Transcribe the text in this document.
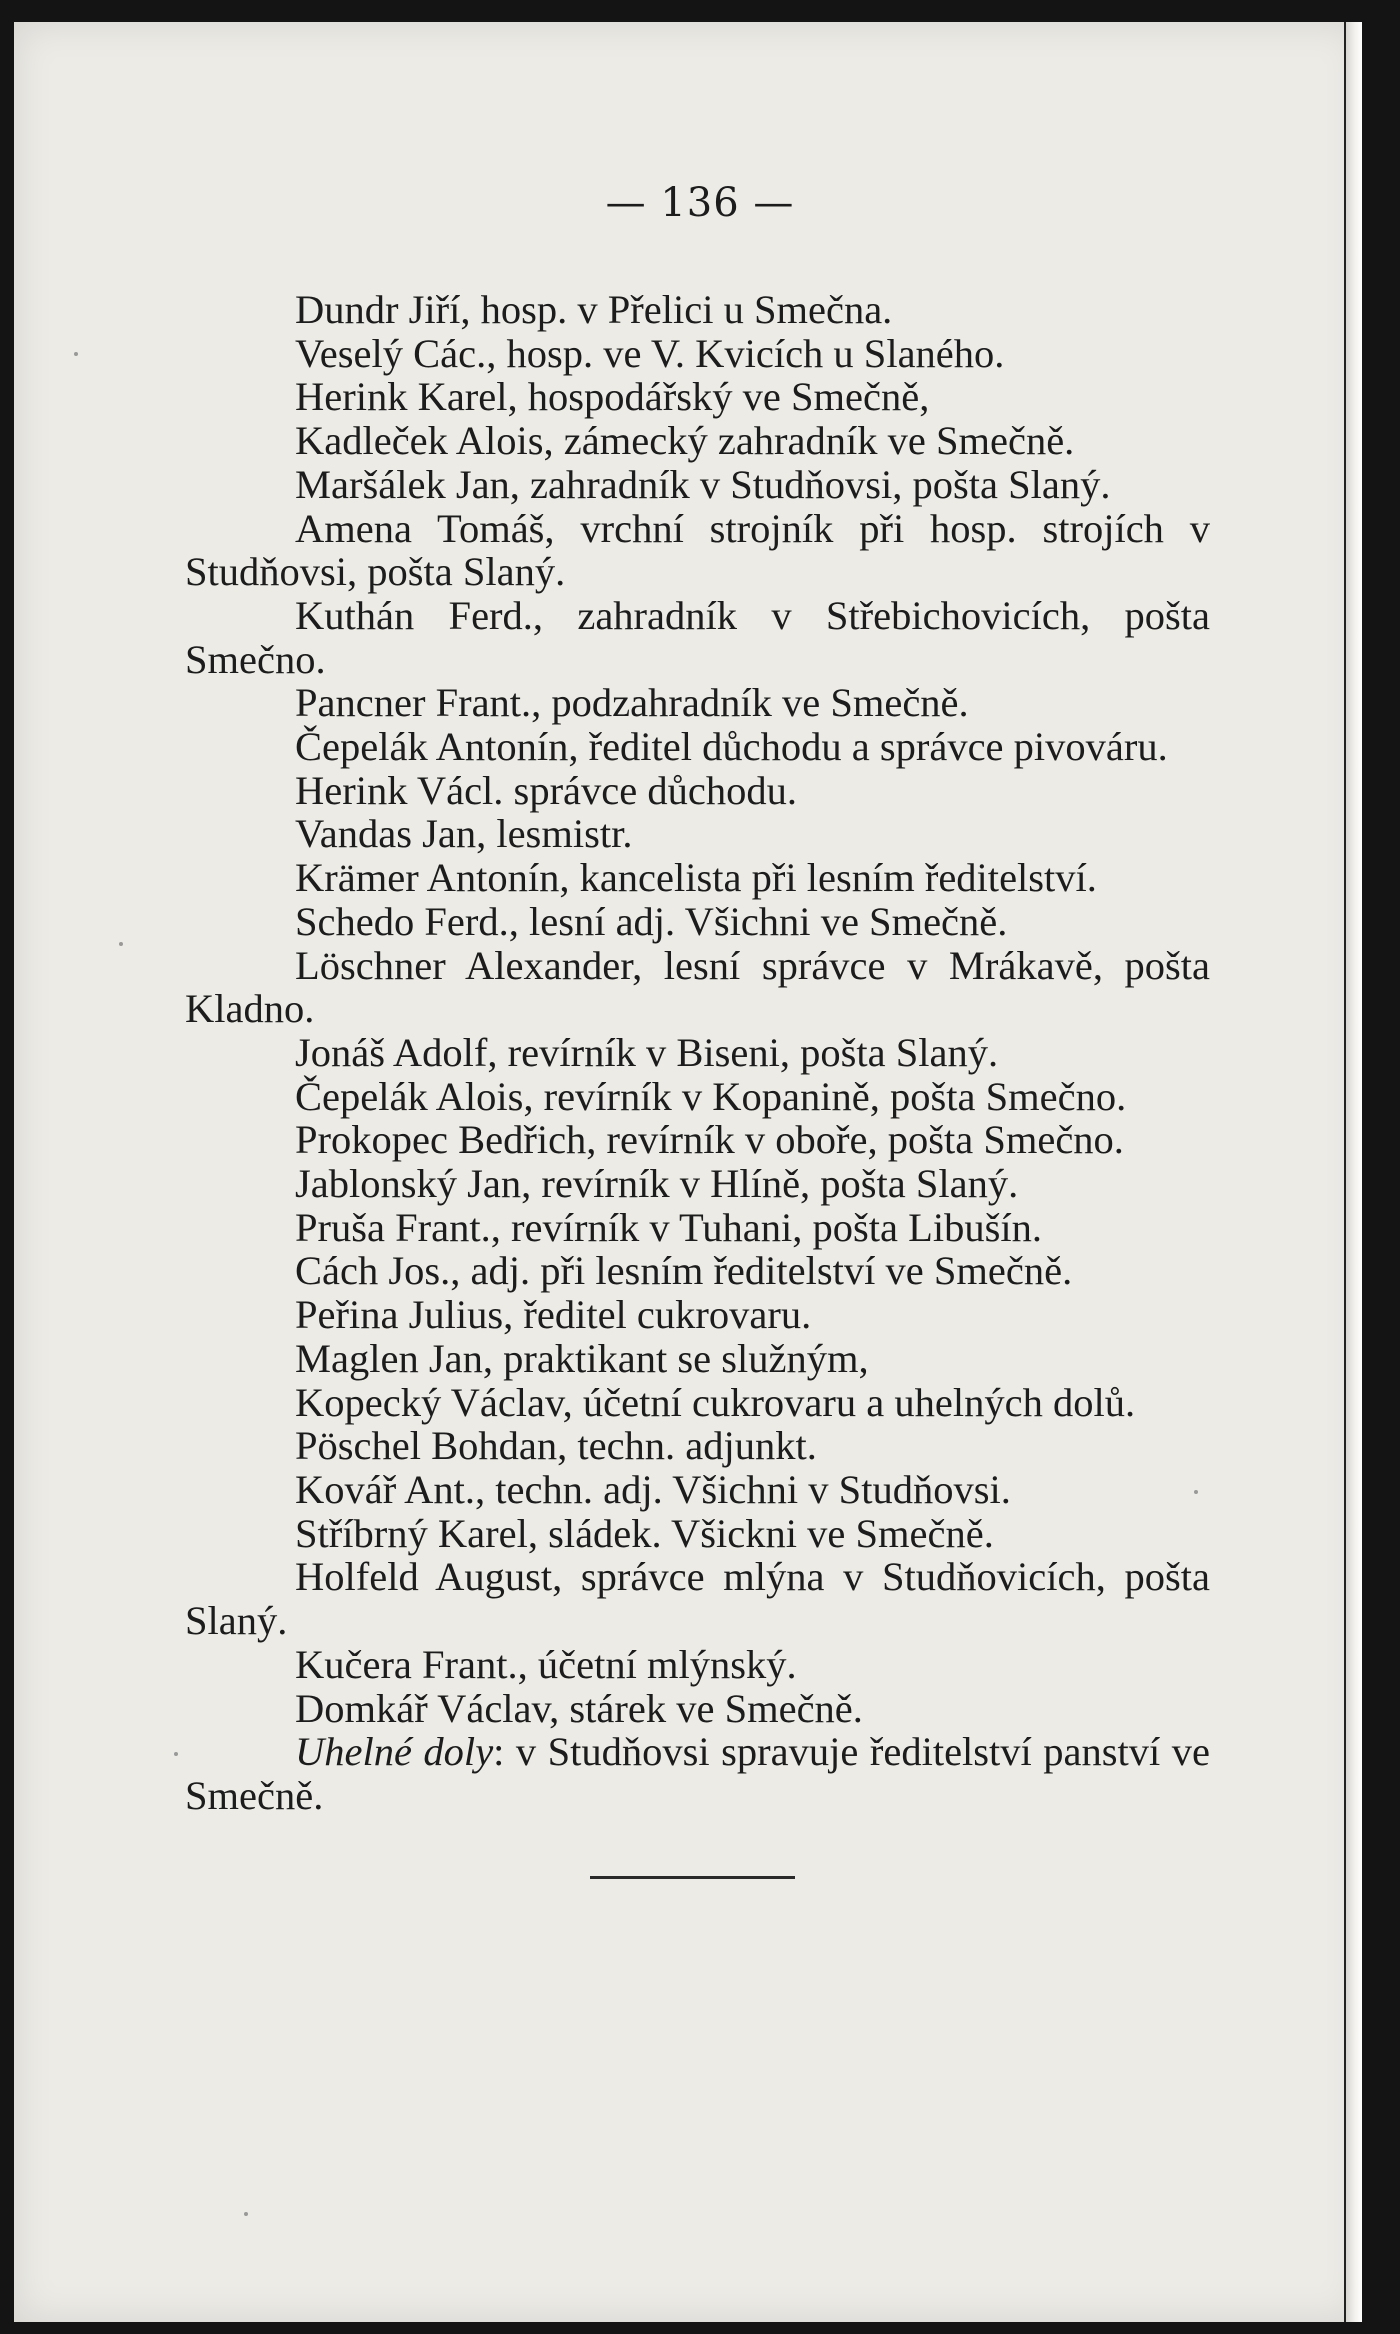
— 136 —

Dundr Jiří, hosp. v Přelici u Smečna.

Veselý Các., hosp. ve V. Kvicích u Slaného.

Herink Karel, hospodářský ve Smečně,

Kadleček Alois, zámecký zahradník ve Smečně.

Maršálek Jan, zahradník v Studňovsi, pošta Slaný.

Amena Tomáš, vrchní strojník při hosp. strojích v Studňovsi, pošta Slaný.

Kuthán Ferd., zahradník v Střebichovicích, pošta Smečno.

Pancner Frant., podzahradník ve Smečně.

Čepelák Antonín, ředitel důchodu a správce pivováru.

Herink Václ. správce důchodu.

Vandas Jan, lesmistr.

Krämer Antonín, kancelista při lesním ředitelství.

Schedo Ferd., lesní adj. Všichni ve Smečně.

Löschner Alexander, lesní správce v Mrákavě, pošta Kladno.

Jonáš Adolf, revírník v Biseni, pošta Slaný.

Čepelák Alois, revírník v Kopanině, pošta Smečno.

Prokopec Bedřich, revírník v oboře, pošta Smečno.

Jablonský Jan, revírník v Hlíně, pošta Slaný.

Pruša Frant., revírník v Tuhani, pošta Libušín.

Cách Jos., adj. při lesním ředitelství ve Smečně.

Peřina Julius, ředitel cukrovaru.

Maglen Jan, praktikant se služným,

Kopecký Václav, účetní cukrovaru a uhelných dolů.

Pöschel Bohdan, techn. adjunkt.

Kovář Ant., techn. adj. Všichni v Studňovsi.

Stříbrný Karel, sládek. Všickni ve Smečně.

Holfeld August, správce mlýna v Studňovicích, pošta Slaný.

Kučera Frant., účetní mlýnský.

Domkář Václav, stárek ve Smečně.

Uhelné doly: v Studňovsi spravuje ředitelství panství ve Smečně.
